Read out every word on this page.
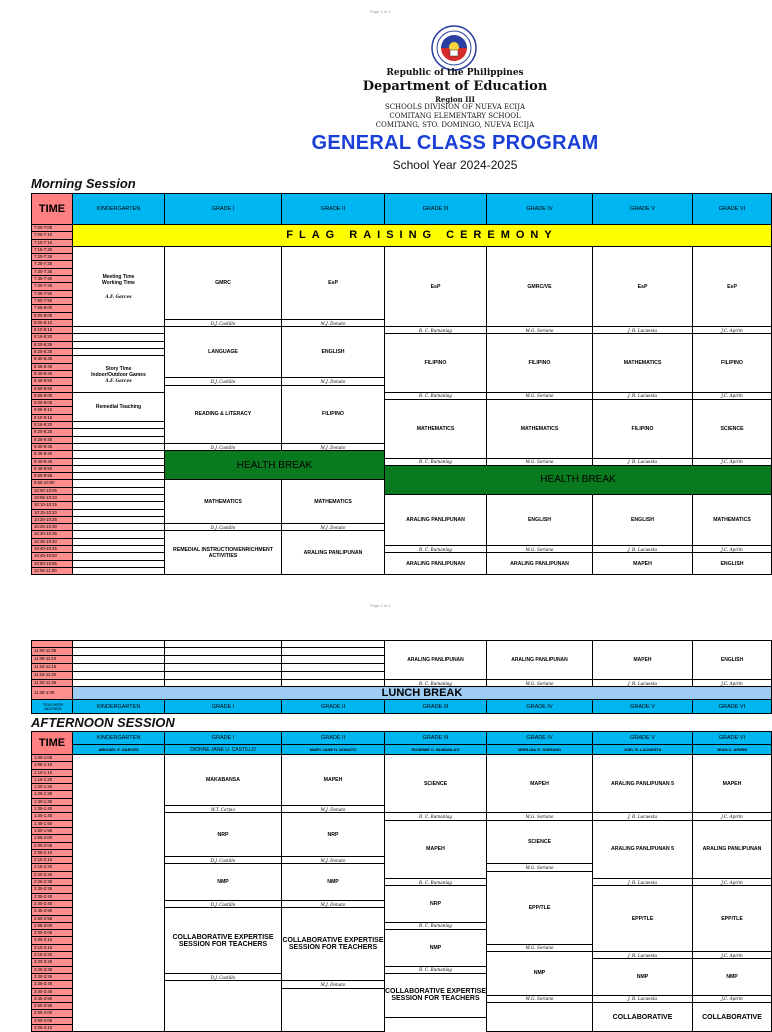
Page 1 of 2
Page 2 of 2
Republic of the Philippines
Department of Education
Region III
SCHOOLS DIVISION OF NUEVA ECIJA
COMITANG ELEMENTARY SCHOOL
COMITANG, STO. DOMINGO, NUEVA ECIJA
GENERAL CLASS PROGRAM
School Year 2024-2025
Morning Session
TIME	KINDERGARTEN	GRADE I	GRADE II	GRADE III	GRADE IV	GRADE V	GRADE VI
7:00-7:05	FLAG RAISING CEREMONY						
7:05-7:10							
7:10-7:15							
7:15-7:20	Meeting Time
Working Time
A.F. Garces	GMRC	EsP	EsP	GMRC/VE	EsP	EsP
7:20-7:25							
7:25-7:30							
7:30-7:35							
7:35-7:40							
7:40-7:45							
7:45-7:50							
7:50-7:55							
7:55-8:00							
8:00-8:05							
8:05-8:10		D.J. Castillo	M.J. Donato				
8:10-8:15		LANGUAGE	ENGLISH	R. C. Bumanlag	M.G. Soriano	J. R. Lacuesta	J.C. Apirin
8:15-8:20				FILIPINO	FILIPINO	MATHEMATICS	FILIPINO
8:20-8:25							
8:25-8:30							
8:30-8:35	Story Time
Indoor/Outdoor Games
A.F. Garces						

8:35-8:40							
8:40-8:45							
8:45-8:50		D.J. Castillo	M.J. Donato				
8:50-8:55		READING & LITERACY	FILIPINO				
8:55-9:00	Remedial Teaching			R. C. Bumanlag	M.G. Soriano	J. R. Lacuesta	J.C. Apirin
9:00-9:05				MATHEMATICS	MATHEMATICS	FILIPINO	SCIENCE
9:05-9:10							
9:10-9:15							
9:15-9:20							
9:20-9:25							
9:25-9:30							
9:30-9:35		D.J. Castillo	M.J. Donato				
9:35-9:40		HEALTH BREAK					
9:40-9:45				R. C. Bumanlag	M.G. Soriano	J. R. Lacuesta	J.C. Apirin
9:45-9:50				HEALTH BREAK			
9:50-9:55							
9:55-10:00		MATHEMATICS	MATHEMATICS				
10:00-10:05							
10:05-10:10				ARALING PANLIPUNAN	ENGLISH	ENGLISH	MATHEMATICS
10:10-10:15							
10:15-10:20							
10:20-10:25							
10:25-10:30		D.J. Castillo	M.J. Donato				
10:30-10:35		REMEDIAL INSTRUCTION/ENRICHMENT ACTIVITIES	ARALING PANLIPUNAN				
10:35-10:40							
10:40-10:45				R. C. Bumanlag	M.G. Soriano	J. R. Lacuesta	J.C. Apirin
10:45-10:50				ARALING PANLIPUNAN	ARALING PANLIPUNAN	MAPEH	ENGLISH
10:50-10:55							
10:55-11:00							
				ARALING PANLIPUNAN	ARALING PANLIPUNAN	MAPEH	ENGLISH
11:00-11:05							
11:05-11:10							
11:10-11:15							
11:15-11:20							
11:20-11:25				R. C. Bumanlag	M.G. Soriano	J. R. Lacuesta	J.C. Apirin
11:25-1:00	LUNCH BREAK						
TEACHER/ ADVISER	KINDERGARTEN	GRADE I	GRADE II	GRADE III	GRADE IV	GRADE V	GRADE VI
AFTERNOON SESSION
TIME	KINDERGARTEN	GRADE I	GRADE II	GRADE III	GRADE IV	GRADE V	GRADE VI
	ABIGAEL F. GARCES	DIONNE JANE U. CASTILLO	MARY JANE H. DONATO	ROSEMIE C. BUMANLAG	MERLISA G. SORIANO	JOEL R. LACUESTA	JEAN C. APIRIN
1:00-1:05		MAKABANSA	MAPEH	SCIENCE	MAPEH	ARALING PANLIPUNAN 5	MAPEH
1:05-1:10							
1:10-1:15							
1:15-1:20							
1:20-1:25							
1:25-1:30							
1:30-1:35							
1:35-1:40		W.T. Carpio	M.J. Donato				
1:40-1:45		NRP	NRP	R. C. Bumanlag	M.G. Soriano	J. R. Lacuesta	J.C. Apirin
1:45-1:50				MAPEH	SCIENCE	ARALING PANLIPUNAN 5	ARALING PANLIPUNAN
1:50-1:55							
1:55-2:00							
2:00-2:05							
2:05-2:10							
2:10-2:15		D.J. Castillo	M.J. Donato				
2:15-2:20		NMP	NMP		M.G. Soriano		
2:20-2:25					EPP/TLE		
2:25-2:30				R. C. Bumanlag		J. R. Lacuesta	J.C. Apirin
2:30-2:35				NRP		EPP/TLE	EPP/TLE
2:35-2:40							
2:40-2:45		D.J. Castillo	M.J. Donato				
2:45-2:50		COLLABORATIVE EXPERTISE SESSION FOR TEACHERS	COLLABORATIVE EXPERTISE SESSION FOR TEACHERS				
2:50-2:55							
2:55-3:00				R. C. Bumanlag			
3:00-3:05				NMP			
3:05-3:10							
3:10-3:15					M.G. Soriano		
3:15-3:20					NMP	J. R. Lacuesta	J.C. Apirin
3:20-3:25						NMP	NMP
3:25-3:30				R. C. Bumanlag			
3:30-3:35		D.J. Castillo		COLLABORATIVE EXPERTISE SESSION FOR TEACHERS			
3:35-3:40			M.J. Donato				
3:40-3:45							
3:45-3:50					M.G. Soriano	J. R. Lacuesta	J.C. Apirin
3:50-3:55						COLLABORATIVE	COLLABORATIVE
3:55-4:00							
4:00-4:05							
4:05-4:10							
